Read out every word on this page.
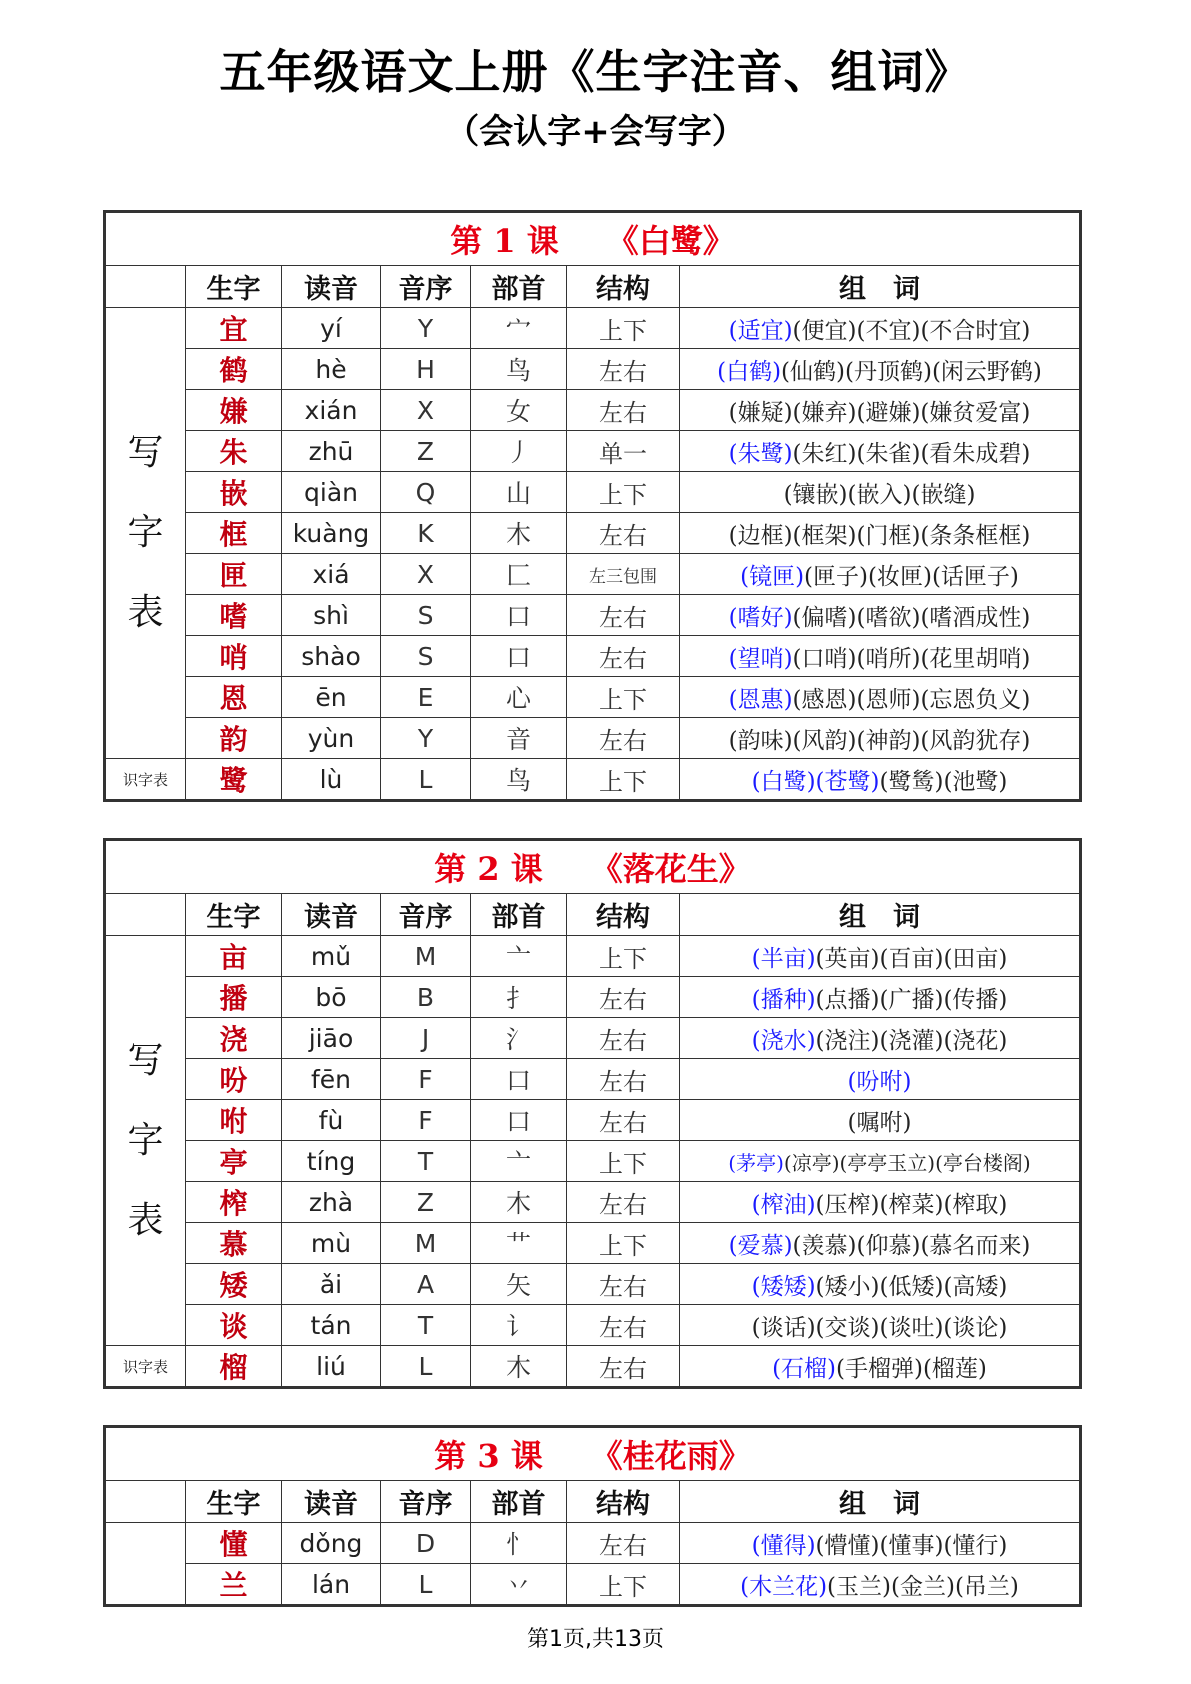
五年级语文上册《生字注音、组词》
（会认字+会写字）
第 1 课 《白鹭》						
	生字	读音	音序	部首	结构	组　词

写
字
表	宜	yí	Y	宀	上下	(适宜)(便宜)(不宜)(不合时宜)
	鹤	hè	H	鸟	左右	(白鹤)(仙鹤)(丹顶鹤)(闲云野鹤)
	嫌	xián	X	女	左右	(嫌疑)(嫌弃)(避嫌)(嫌贫爱富)
	朱	zhū	Z	丿	单一	(朱鹭)(朱红)(朱雀)(看朱成碧)
	嵌	qiàn	Q	山	上下	(镶嵌)(嵌入)(嵌缝)
	框	kuàng	K	木	左右	(边框)(框架)(门框)(条条框框)
	匣	xiá	X	匚	左三包围	(镜匣)(匣子)(妆匣)(话匣子)
	嗜	shì	S	口	左右	(嗜好)(偏嗜)(嗜欲)(嗜酒成性)
	哨	shào	S	口	左右	(望哨)(口哨)(哨所)(花里胡哨)
	恩	ēn	E	心	上下	(恩惠)(感恩)(恩师)(忘恩负义)
	韵	yùn	Y	音	左右	(韵味)(风韵)(神韵)(风韵犹存)
识字表	鹭	lù	L	鸟	上下	(白鹭)(苍鹭)(鹭鸶)(池鹭)
第 2 课 《落花生》						
	生字	读音	音序	部首	结构	组　词

写
字
表	亩	mǔ	M	亠	上下	(半亩)(英亩)(百亩)(田亩)
	播	bō	B	扌	左右	(播种)(点播)(广播)(传播)
	浇	jiāo	J	氵	左右	(浇水)(浇注)(浇灌)(浇花)
	吩	fēn	F	口	左右	(吩咐)
	咐	fù	F	口	左右	(嘱咐)
	亭	tíng	T	亠	上下	(茅亭)(凉亭)(亭亭玉立)(亭台楼阁)
	榨	zhà	Z	木	左右	(榨油)(压榨)(榨菜)(榨取)
	慕	mù	M	艹	上下	(爱慕)(羡慕)(仰慕)(慕名而来)
	矮	ǎi	A	矢	左右	(矮矮)(矮小)(低矮)(高矮)
	谈	tán	T	讠	左右	(谈话)(交谈)(谈吐)(谈论)
识字表	榴	liú	L	木	左右	(石榴)(手榴弹)(榴莲)
第 3 课 《桂花雨》						
	生字	读音	音序	部首	结构	组　词
	懂	dǒng	D	忄	左右	(懂得)(懵懂)(懂事)(懂行)
	兰	lán	L	丷	上下	(木兰花)(玉兰)(金兰)(吊兰)
第1页,共13页
